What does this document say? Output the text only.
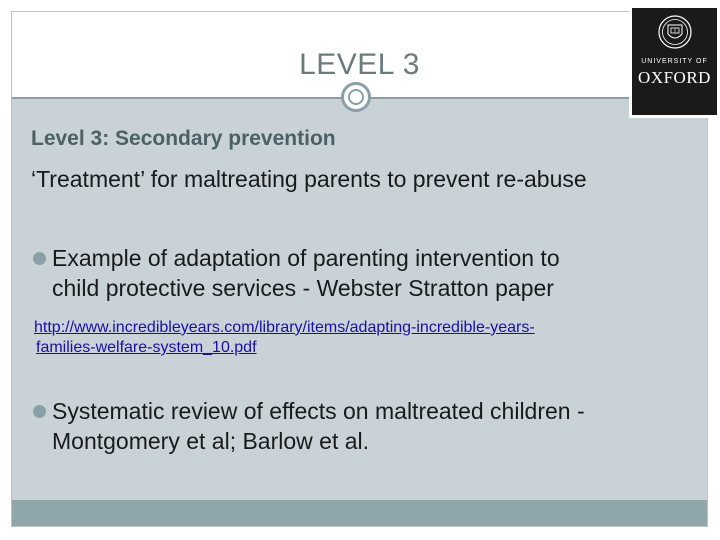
LEVEL 3	UNIVERSITY OF
OXFORD
Level 3: Secondary prevention
‘Treatment’ for maltreating parents to prevent re-abuse
Example of adaptation of parenting intervention to
child protective services - Webster Stratton paper
http://www.incredibleyears.com/library/items/adapting-incredible-years-
families-welfare-system_10.pdf
Systematic review of effects on maltreated children -
Montgomery et al; Barlow et al.
